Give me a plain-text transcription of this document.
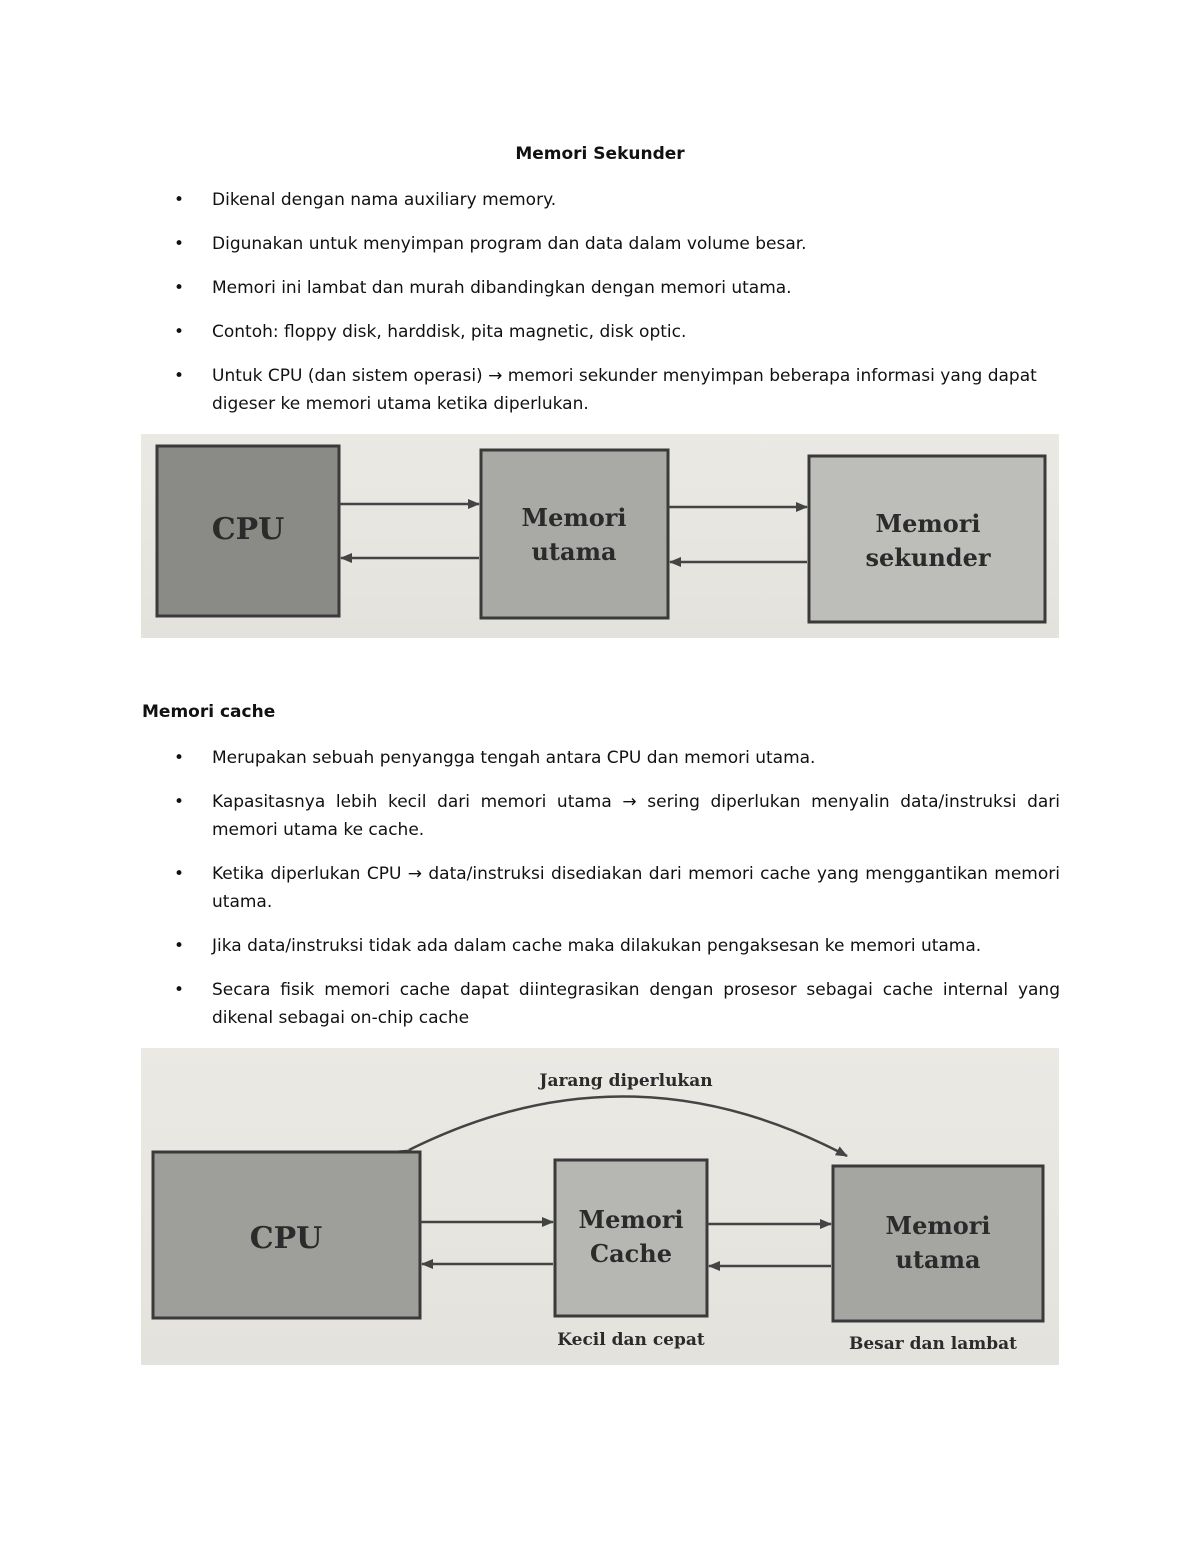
Memori Sekunder
• Dikenal dengan nama auxiliary memory.
• Digunakan untuk menyimpan program dan data dalam volume besar.
• Memori ini lambat dan murah dibandingkan dengan memori utama.
• Contoh: floppy disk, harddisk, pita magnetic, disk optic.
• Untuk CPU (dan sistem operasi) → memori sekunder menyimpan beberapa informasi yang dapat digeser ke memori utama ketika diperlukan.
CPU	Memori
utama
Memori
sekunder
Memori cache
• Merupakan sebuah penyangga tengah antara CPU dan memori utama.
• Kapasitasnya lebih kecil dari memori utama → sering diperlukan menyalin data/instruksi dari memori utama ke cache.
• Ketika diperlukan CPU → data/instruksi disediakan dari memori cache yang menggantikan memori utama.
• Jika data/instruksi tidak ada dalam cache maka dilakukan pengaksesan ke memori utama.
• Secara fisik memori cache dapat diintegrasikan dengan prosesor sebagai cache internal yang dikenal sebagai on-chip cache
Jarang diperlukan
CPU
Memori
Cache
Memori
utama
Kecil dan cepat	Besar dan lambat
